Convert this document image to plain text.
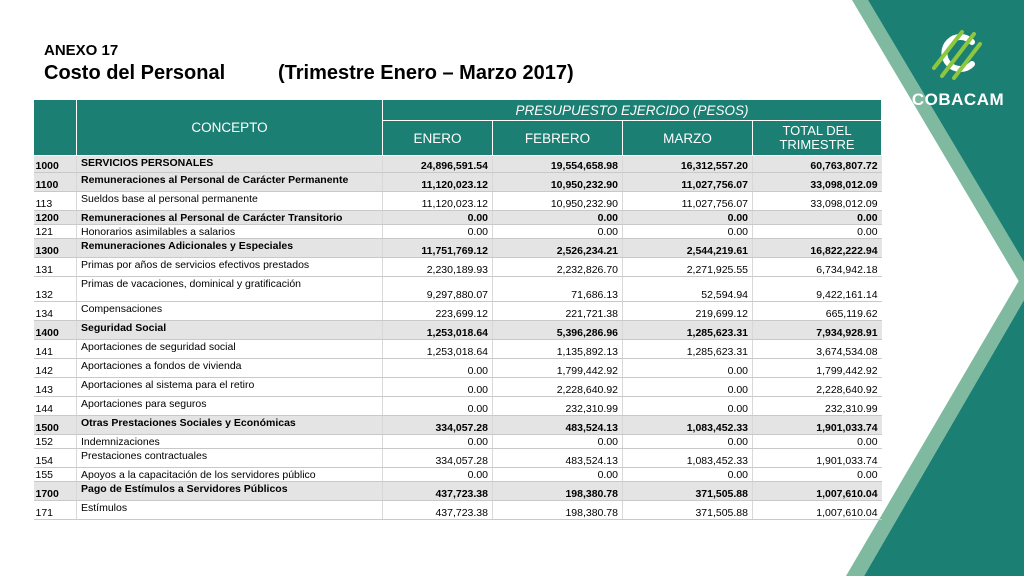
COBACAM
ANEXO 17
Costo del Personal	(Trimestre Enero – Marzo 2017)
	CONCEPTO	PRESUPUESTO EJERCIDO (PESOS)			
		ENERO	FEBRERO	MARZO	TOTAL DEL TRIMESTRE
1000	SERVICIOS PERSONALES	24,896,591.54	19,554,658.98	16,312,557.20	60,763,807.72
1100	Remuneraciones al Personal de Carácter Permanente	11,120,023.12	10,950,232.90	11,027,756.07	33,098,012.09
113	Sueldos base al personal permanente	11,120,023.12	10,950,232.90	11,027,756.07	33,098,012.09
1200	Remuneraciones al Personal de Carácter Transitorio	0.00	0.00	0.00	0.00
121	Honorarios asimilables a salarios	0.00	0.00	0.00	0.00
1300	Remuneraciones Adicionales y Especiales	11,751,769.12	2,526,234.21	2,544,219.61	16,822,222.94
131	Primas por años de servicios efectivos prestados	2,230,189.93	2,232,826.70	2,271,925.55	6,734,942.18
132	Primas de vacaciones, dominical y gratificación	9,297,880.07	71,686.13	52,594.94	9,422,161.14
134	Compensaciones	223,699.12	221,721.38	219,699.12	665,119.62
1400	Seguridad Social	1,253,018.64	5,396,286.96	1,285,623.31	7,934,928.91
141	Aportaciones de seguridad social	1,253,018.64	1,135,892.13	1,285,623.31	3,674,534.08
142	Aportaciones a fondos de vivienda	0.00	1,799,442.92	0.00	1,799,442.92
143	Aportaciones al sistema para el retiro	0.00	2,228,640.92	0.00	2,228,640.92
144	Aportaciones para seguros	0.00	232,310.99	0.00	232,310.99
1500	Otras Prestaciones Sociales y Económicas	334,057.28	483,524.13	1,083,452.33	1,901,033.74
152	Indemnizaciones	0.00	0.00	0.00	0.00
154	Prestaciones contractuales	334,057.28	483,524.13	1,083,452.33	1,901,033.74
155	Apoyos a la capacitación de los servidores público	0.00	0.00	0.00	0.00
1700	Pago de Estímulos a Servidores Públicos	437,723.38	198,380.78	371,505.88	1,007,610.04
171	Estímulos	437,723.38	198,380.78	371,505.88	1,007,610.04
